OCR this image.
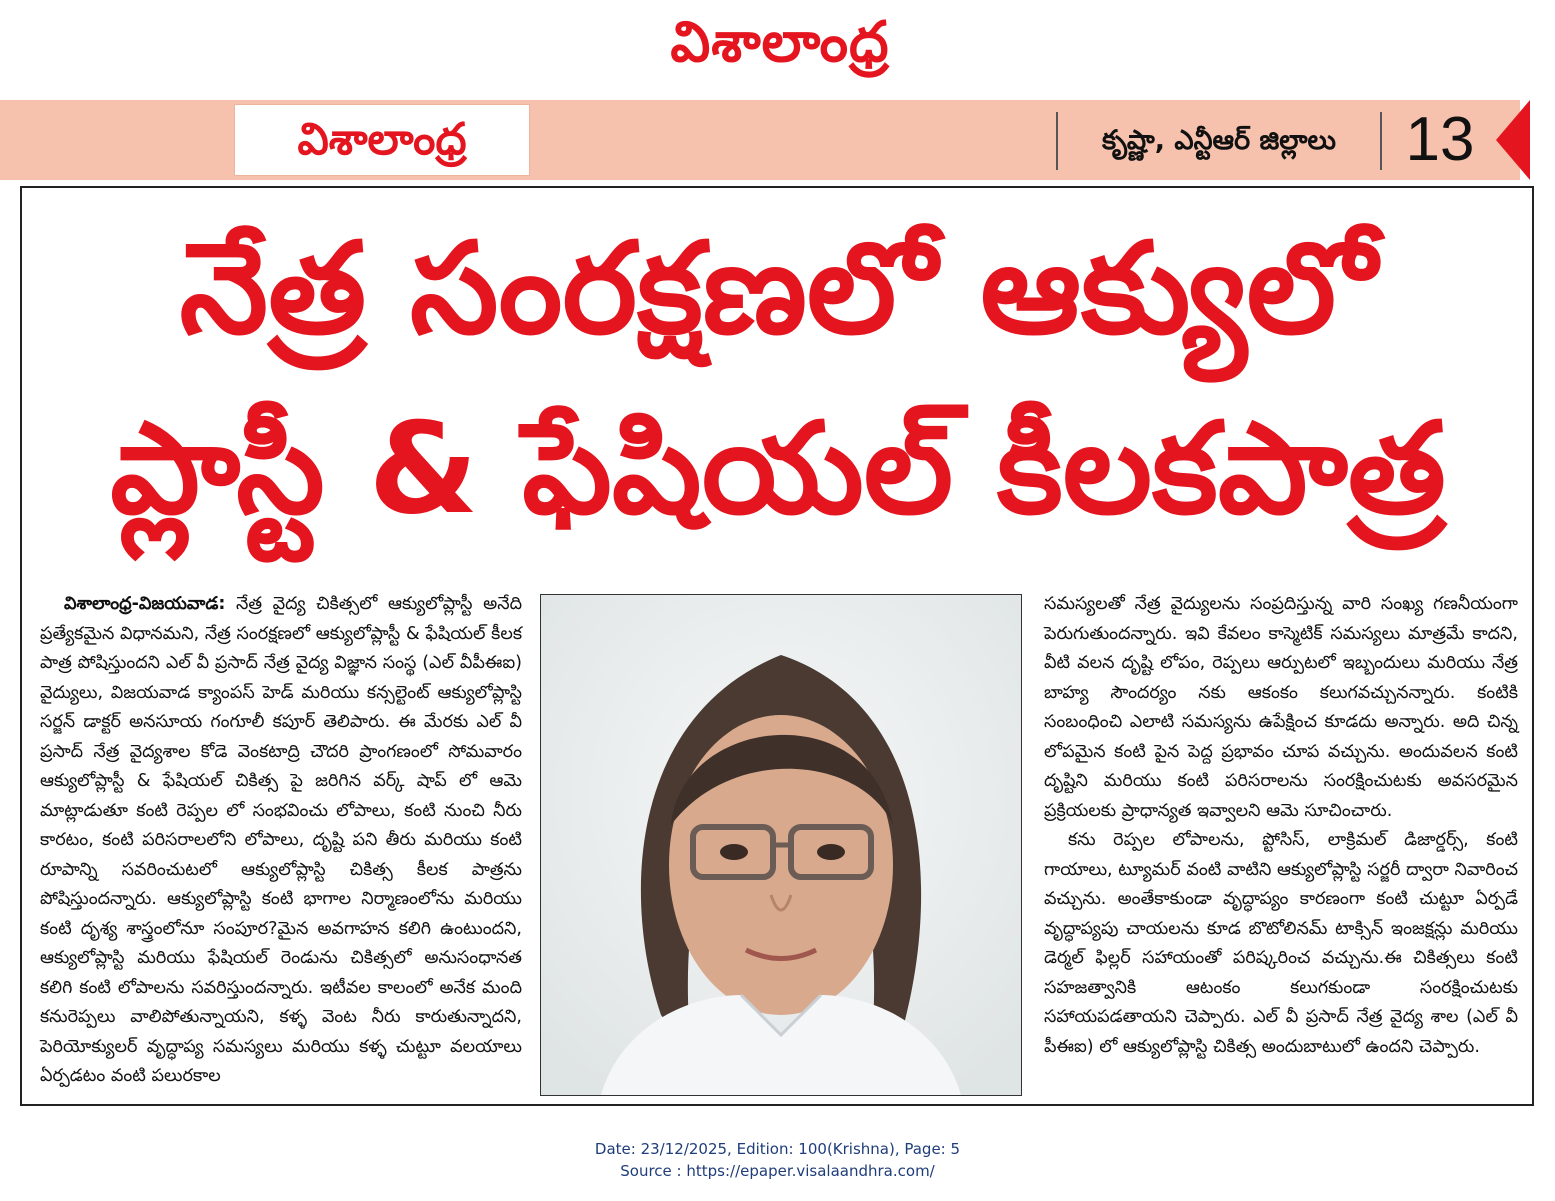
విశాలాంధ్ర
విశాలాంధ్ర	కృష్ణా, ఎన్టీఆర్ జిల్లాలు	13
నేత్ర సంరక్షణలో ఆక్యులో
ప్లాస్టీ & ఫేషియల్ కీలకపాత్ర
విశాలాంధ్ర-విజయవాడ: నేత్ర వైద్య చికిత్సలో ఆక్యులోప్లాస్టీ అనేది ప్రత్యేకమైన విధానమని, నేత్ర సంరక్షణలో ఆక్యులోప్లాస్టీ & ఫేషియల్ కీలక పాత్ర పోషిస్తుందని ఎల్ వీ ప్రసాద్ నేత్ర వైద్య విజ్ఞాన సంస్థ (ఎల్ వీపీఈఐ) వైద్యులు, విజయవాడ క్యాంపస్ హెడ్ మరియు కన్సల్టెంట్ ఆక్యులోప్లాస్టి సర్జన్ డాక్టర్ అనసూయ గంగూలీ కపూర్ తెలిపారు. ఈ మేరకు ఎల్ వీ ప్రసాద్ నేత్ర వైద్యశాల కోడె వెంకటాద్రి చౌదరి ప్రాంగణంలో సోమవారం ఆక్యులోప్లాస్టీ & ఫేషియల్ చికిత్స పై జరిగిన వర్క్ షాప్ లో ఆమె మాట్లాడుతూ కంటి రెప్పల లో సంభవించు లోపాలు, కంటి నుంచి నీరు కారటం, కంటి పరిసరాలలోని లోపాలు, దృష్టి పని తీరు మరియు కంటి రూపాన్ని సవరించుటలో ఆక్యులోప్లాస్టి చికిత్స కీలక పాత్రను పోషిస్తుందన్నారు. ఆక్యులోప్లాస్టి కంటి భాగాల నిర్మాణంలోను మరియు కంటి దృశ్య శాస్త్రంలోనూ సంపూర?మైన అవగాహన కలిగి ఉంటుందని, ఆక్యులోప్లాస్టి మరియు ఫేషియల్ రెండును చికిత్సలో అనుసంధానత కలిగి కంటి లోపాలను సవరిస్తుందన్నారు. ఇటీవల కాలంలో అనేక మంది కనురెప్పలు వాలిపోతున్నాయని, కళ్ళ వెంట నీరు కారుతున్నాదని, పెరియోక్యులర్ వృద్ధాప్య సమస్యలు మరియు కళ్ళ చుట్టూ వలయాలు ఏర్పడటం వంటి పలురకాల
సమస్యలతో నేత్ర వైద్యులను సంప్రదిస్తున్న వారి సంఖ్య గణనీయంగా పెరుగుతుందన్నారు. ఇవి కేవలం కాస్మెటిక్ సమస్యలు మాత్రమే కాదని, వీటి వలన దృష్టి లోపం, రెప్పలు ఆర్పుటలో ఇబ్బందులు మరియు నేత్ర బాహ్య సౌందర్యం నకు ఆకంకం కలుగవచ్చునన్నారు. కంటికి సంబంధించి ఎలాటి సమస్యను ఉపేక్షించ కూడదు అన్నారు. అది చిన్న లోపమైన కంటి పైన పెద్ద ప్రభావం చూప వచ్చును. అందువలన కంటి దృష్టిని మరియు కంటి పరిసరాలను సంరక్షించుటకు అవసరమైన ప్రక్రియలకు ప్రాధాన్యత ఇవ్వాలని ఆమె సూచించారు.
కను రెప్పల లోపాలను, ప్టోసిస్, లాక్రిమల్ డిజార్డర్స్, కంటి గాయాలు, ట్యూమర్ వంటి వాటిని ఆక్యులోప్లాస్టి సర్జరీ ద్వారా నివారించ వచ్చును. అంతేకాకుండా వృద్ధాప్యం కారణంగా కంటి చుట్టూ ఏర్పడే వృద్ధాప్యపు చాయలను కూడ బొటోలినమ్ టాక్సిన్ ఇంజక్షన్లు మరియు డెర్మల్ ఫిల్లర్ సహాయంతో పరిష్కరించ వచ్చును.ఈ చికిత్సలు కంటి సహజత్వానికి ఆటంకం కలుగకుండా సంరక్షించుటకు సహాయపడతాయని చెప్పారు. ఎల్ వీ ప్రసాద్ నేత్ర వైద్య శాల (ఎల్ వీ పీఈఐ) లో ఆక్యులోప్లాస్టి చికిత్స అందుబాటులో ఉందని చెప్పారు.
Date: 23/12/2025, Edition: 100(Krishna), Page: 5
Source : https://epaper.visalaandhra.com/
